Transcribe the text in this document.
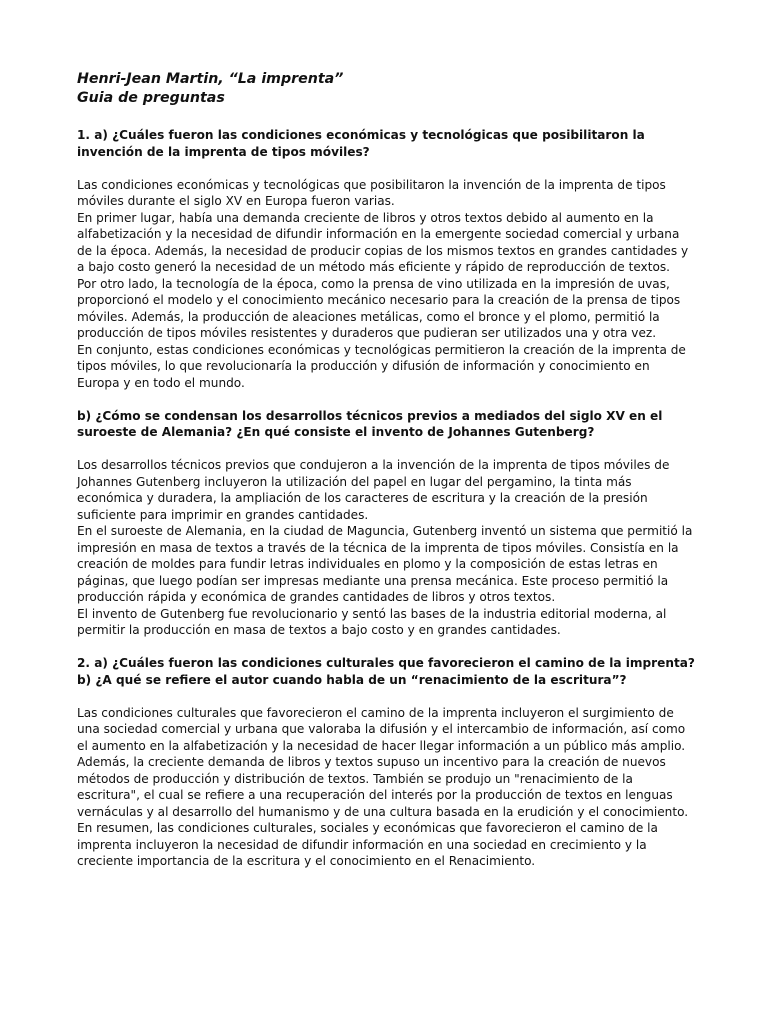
Henri-Jean Martin, “La imprenta”

Guia de preguntas

1. a) ¿Cuáles fueron las condiciones económicas y tecnológicas que posibilitaron la invención de la imprenta de tipos móviles?

Las condiciones económicas y tecnológicas que posibilitaron la invención de la imprenta de tipos móviles durante el siglo XV en Europa fueron varias.

En primer lugar, había una demanda creciente de libros y otros textos debido al aumento en la alfabetización y la necesidad de difundir información en la emergente sociedad comercial y urbana de la época. Además, la necesidad de producir copias de los mismos textos en grandes cantidades y a bajo costo generó la necesidad de un método más eficiente y rápido de reproducción de textos.

Por otro lado, la tecnología de la época, como la prensa de vino utilizada en la impresión de uvas, proporcionó el modelo y el conocimiento mecánico necesario para la creación de la prensa de tipos móviles. Además, la producción de aleaciones metálicas, como el bronce y el plomo, permitió la producción de tipos móviles resistentes y duraderos que pudieran ser utilizados una y otra vez.

En conjunto, estas condiciones económicas y tecnológicas permitieron la creación de la imprenta de tipos móviles, lo que revolucionaría la producción y difusión de información y conocimiento en Europa y en todo el mundo.

b) ¿Cómo se condensan los desarrollos técnicos previos a mediados del siglo XV en el suroeste de Alemania? ¿En qué consiste el invento de Johannes Gutenberg?

Los desarrollos técnicos previos que condujeron a la invención de la imprenta de tipos móviles de Johannes Gutenberg incluyeron la utilización del papel en lugar del pergamino, la tinta más económica y duradera, la ampliación de los caracteres de escritura y la creación de la presión suficiente para imprimir en grandes cantidades.

En el suroeste de Alemania, en la ciudad de Maguncia, Gutenberg inventó un sistema que permitió la impresión en masa de textos a través de la técnica de la imprenta de tipos móviles. Consistía en la creación de moldes para fundir letras individuales en plomo y la composición de estas letras en páginas, que luego podían ser impresas mediante una prensa mecánica. Este proceso permitió la producción rápida y económica de grandes cantidades de libros y otros textos.

El invento de Gutenberg fue revolucionario y sentó las bases de la industria editorial moderna, al permitir la producción en masa de textos a bajo costo y en grandes cantidades.

2. a) ¿Cuáles fueron las condiciones culturales que favorecieron el camino de la imprenta?

b) ¿A qué se refiere el autor cuando habla de un “renacimiento de la escritura”?

Las condiciones culturales que favorecieron el camino de la imprenta incluyeron el surgimiento de una sociedad comercial y urbana que valoraba la difusión y el intercambio de información, así como el aumento en la alfabetización y la necesidad de hacer llegar información a un público más amplio.

Además, la creciente demanda de libros y textos supuso un incentivo para la creación de nuevos métodos de producción y distribución de textos. También se produjo un "renacimiento de la escritura", el cual se refiere a una recuperación del interés por la producción de textos en lenguas vernáculas y al desarrollo del humanismo y de una cultura basada en la erudición y el conocimiento.

En resumen, las condiciones culturales, sociales y económicas que favorecieron el camino de la imprenta incluyeron la necesidad de difundir información en una sociedad en crecimiento y la creciente importancia de la escritura y el conocimiento en el Renacimiento.
